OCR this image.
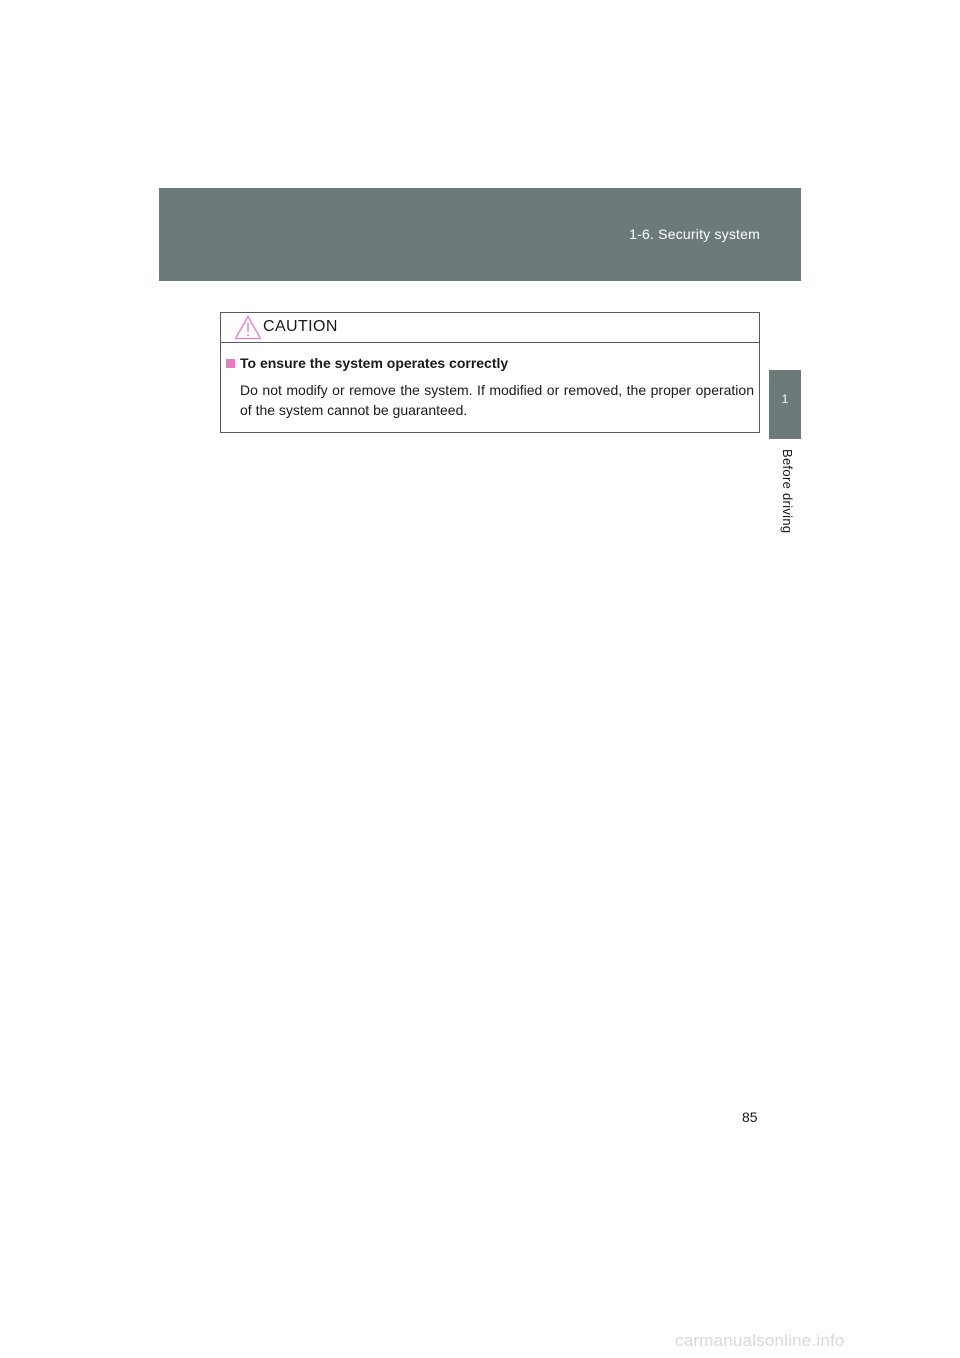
1-6. Security system
1
Before driving
CAUTION
To ensure the system operates correctly
Do not modify or remove the system. If modified or removed, the proper operation of the system cannot be guaranteed.
85
carmanualsonline.info
